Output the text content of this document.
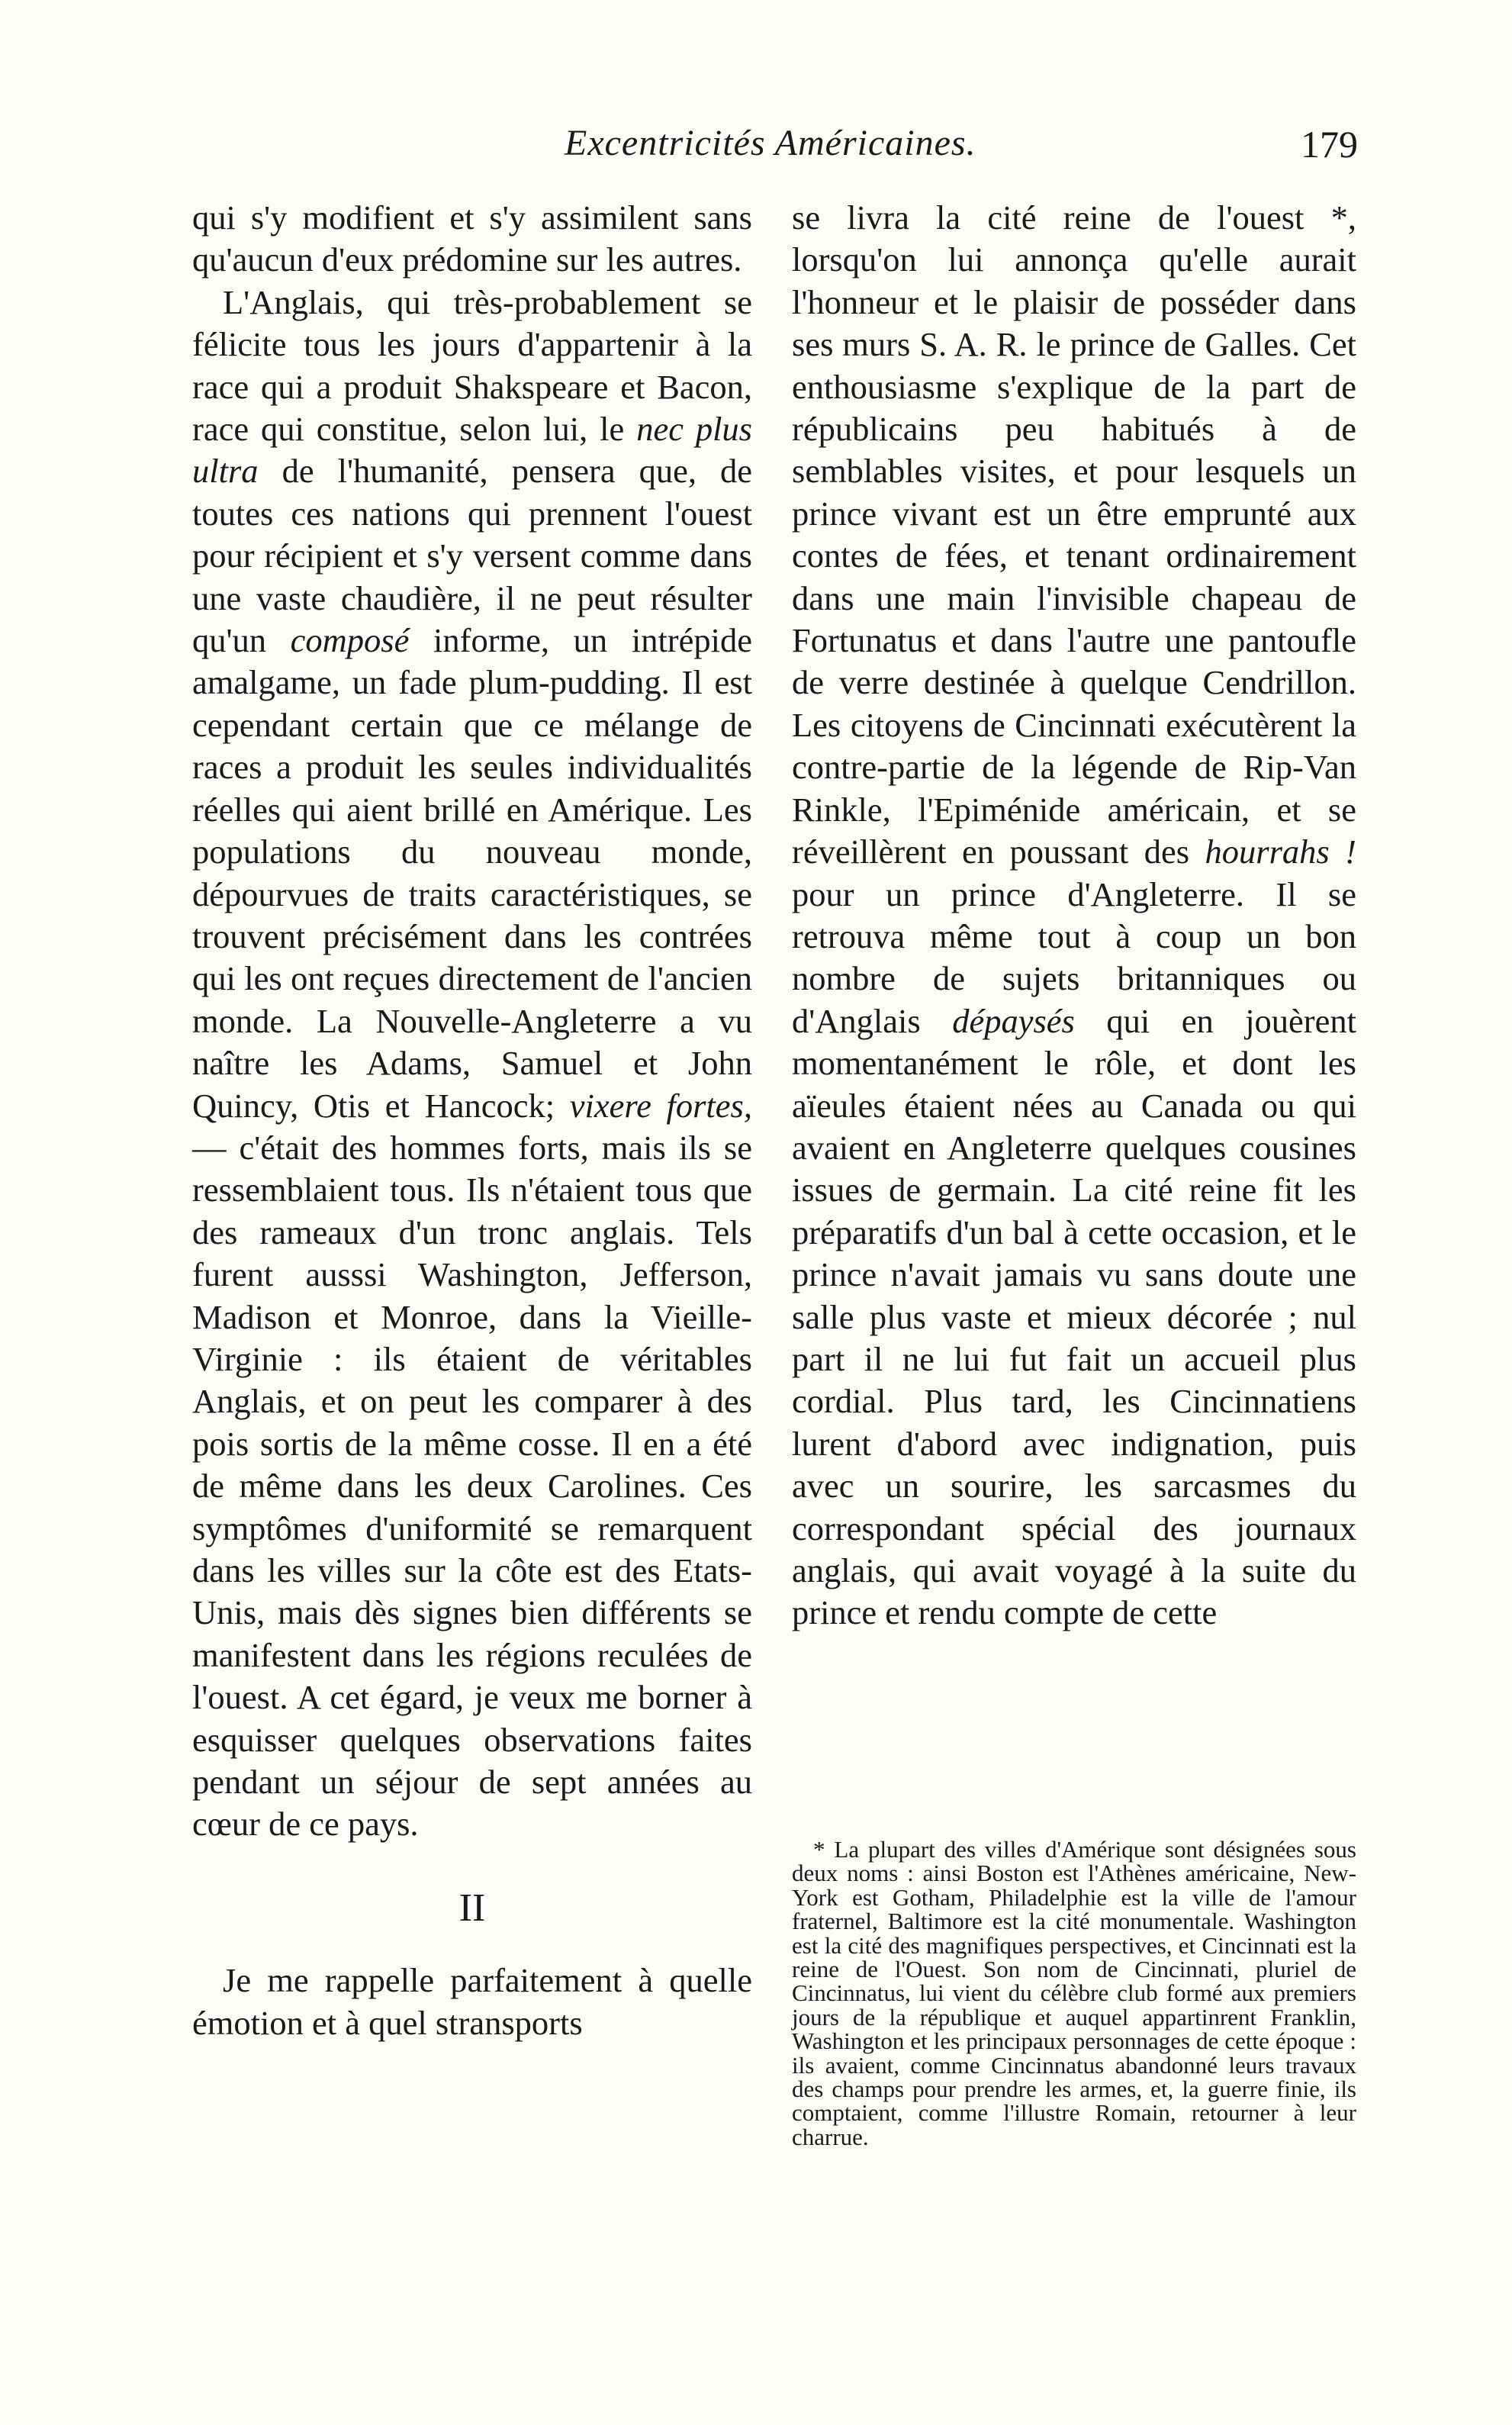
Excentricités Américaines.	179

qui s'y modifient et s'y assimilent sans qu'aucun d'eux prédomine sur les autres.

L'Anglais, qui très-probablement se félicite tous les jours d'appartenir à la race qui a produit Shakspeare et Bacon, race qui constitue, selon lui, le nec plus ultra de l'humanité, pensera que, de toutes ces nations qui prennent l'ouest pour récipient et s'y versent comme dans une vaste chaudière, il ne peut résulter qu'un composé informe, un intrépide amalgame, un fade plum-pudding. Il est cependant certain que ce mélange de races a produit les seules individualités réelles qui aient brillé en Amérique. Les populations du nouveau monde, dépourvues de traits caractéristiques, se trouvent précisément dans les contrées qui les ont reçues directement de l'ancien monde. La Nouvelle-Angleterre a vu naître les Adams, Samuel et John Quincy, Otis et Hancock; vixere fortes, — c'était des hommes forts, mais ils se ressemblaient tous. Ils n'étaient tous que des rameaux d'un tronc anglais. Tels furent ausssi Washington, Jefferson, Madison et Monroe, dans la Vieille-Virginie : ils étaient de véritables Anglais, et on peut les comparer à des pois sortis de la même cosse. Il en a été de même dans les deux Carolines. Ces symptômes d'uniformité se remarquent dans les villes sur la côte est des Etats-Unis, mais dès signes bien différents se manifestent dans les régions reculées de l'ouest. A cet égard, je veux me borner à esquisser quelques observations faites pendant un séjour de sept années au cœur de ce pays.

II

Je me rappelle parfaitement à quelle émotion et à quel stransports

se livra la cité reine de l'ouest *, lorsqu'on lui annonça qu'elle aurait l'honneur et le plaisir de posséder dans ses murs S. A. R. le prince de Galles. Cet enthousiasme s'explique de la part de républicains peu habitués à de semblables visites, et pour lesquels un prince vivant est un être emprunté aux contes de fées, et tenant ordinairement dans une main l'invisible chapeau de Fortunatus et dans l'autre une pantoufle de verre destinée à quelque Cendrillon. Les citoyens de Cincinnati exécutèrent la contre-partie de la légende de Rip-Van Rinkle, l'Epiménide américain, et se réveillèrent en poussant des hourrahs ! pour un prince d'Angleterre. Il se retrouva même tout à coup un bon nombre de sujets britanniques ou d'Anglais dépaysés qui en jouèrent momentanément le rôle, et dont les aïeules étaient nées au Canada ou qui avaient en Angleterre quelques cousines issues de germain. La cité reine fit les préparatifs d'un bal à cette occasion, et le prince n'avait jamais vu sans doute une salle plus vaste et mieux décorée ; nul part il ne lui fut fait un accueil plus cordial. Plus tard, les Cincinnatiens lurent d'abord avec indignation, puis avec un sourire, les sarcasmes du correspondant spécial des journaux anglais, qui avait voyagé à la suite du prince et rendu compte de cette

* La plupart des villes d'Amérique sont désignées sous deux noms : ainsi Boston est l'Athènes américaine, New-York est Gotham, Philadelphie est la ville de l'amour fraternel, Baltimore est la cité monumentale. Washington est la cité des magnifiques perspectives, et Cincinnati est la reine de l'Ouest. Son nom de Cincinnati, pluriel de Cincinnatus, lui vient du célèbre club formé aux premiers jours de la république et auquel appartinrent Franklin, Washington et les principaux personnages de cette époque : ils avaient, comme Cincinnatus abandonné leurs travaux des champs pour prendre les armes, et, la guerre finie, ils comptaient, comme l'illustre Romain, retourner à leur charrue.
